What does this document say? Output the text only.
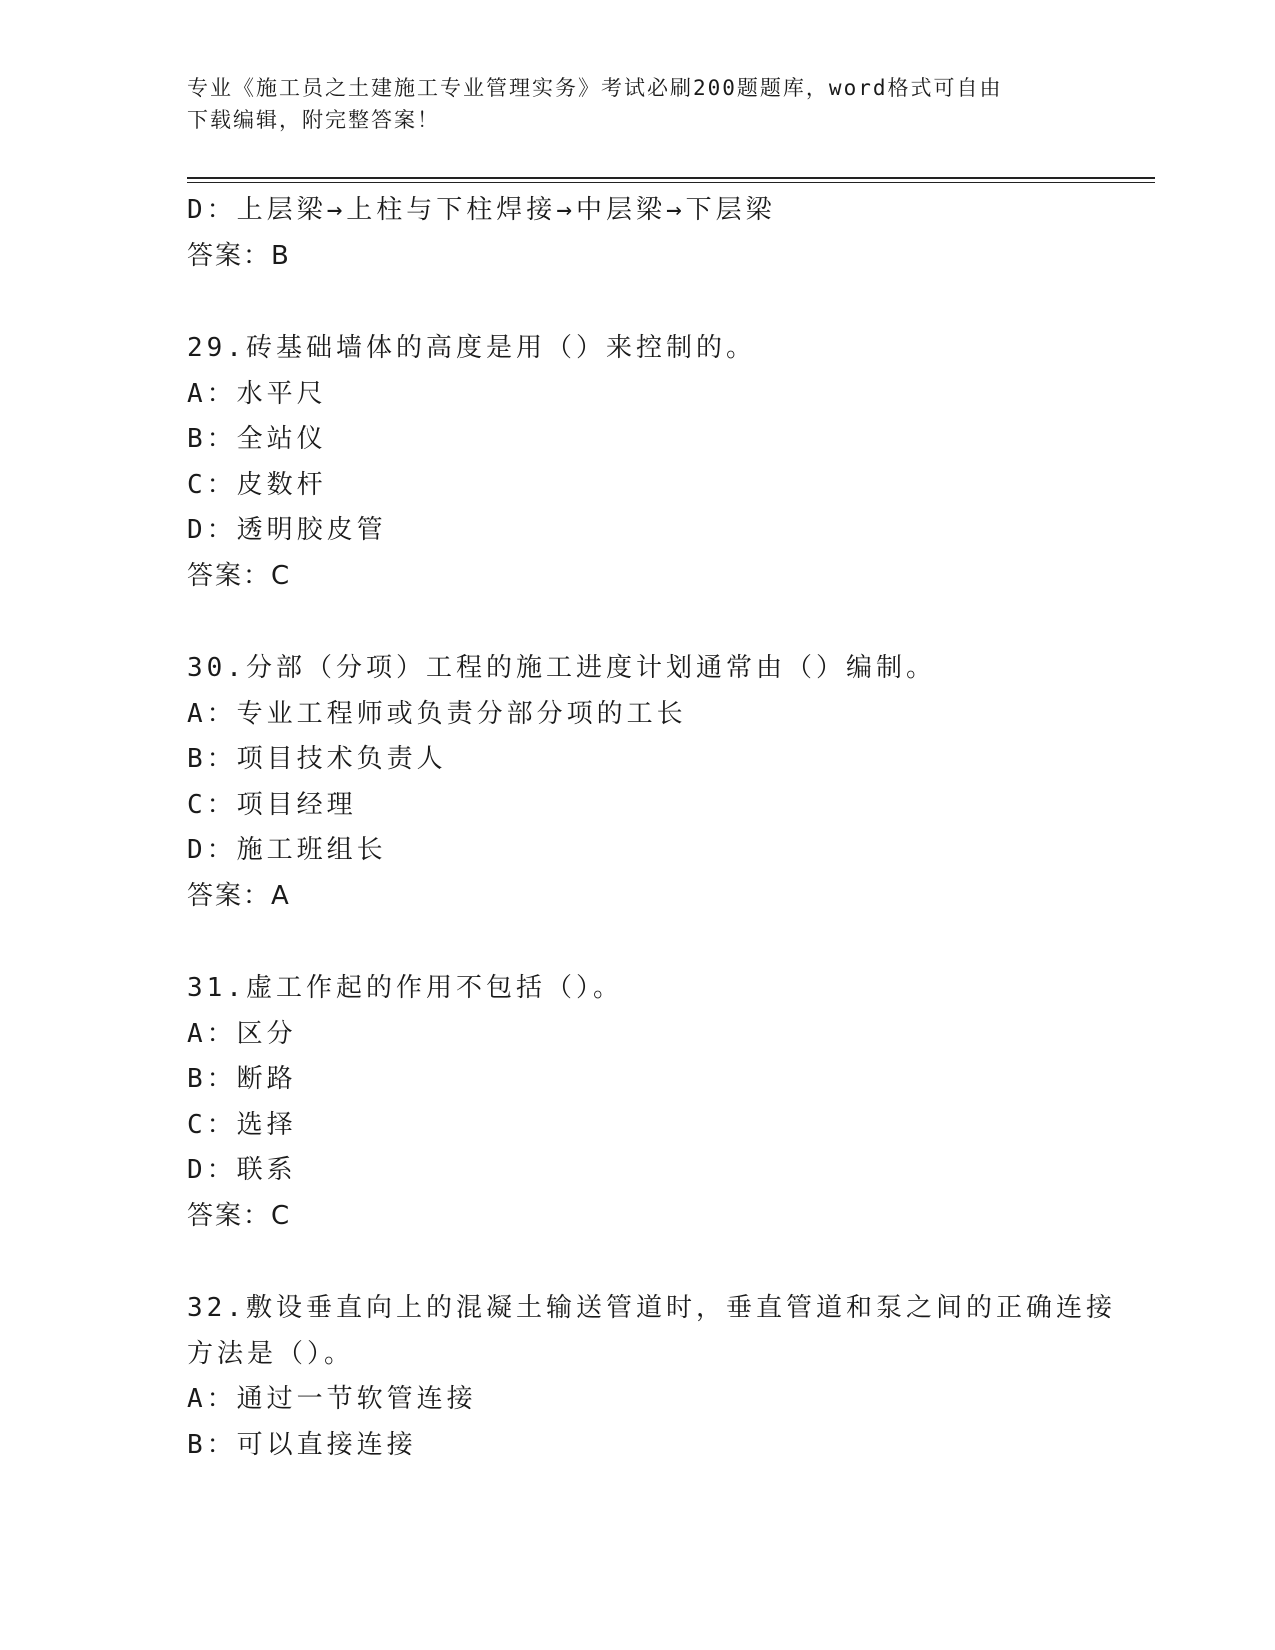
专业《施工员之土建施工专业管理实务》考试必刷200题题库，word格式可自由
下载编辑，附完整答案！
D：上层梁→上柱与下柱焊接→中层梁→下层梁
答案：B
29.砖基础墙体的高度是用（）来控制的。
A：水平尺
B：全站仪
C：皮数杆
D：透明胶皮管
答案：C
30.分部（分项）工程的施工进度计划通常由（）编制。
A：专业工程师或负责分部分项的工长
B：项目技术负责人
C：项目经理
D：施工班组长
答案：A
31.虚工作起的作用不包括（）。
A：区分
B：断路
C：选择
D：联系
答案：C
32.敷设垂直向上的混凝土输送管道时，垂直管道和泵之间的正确连接
方法是（）。
A：通过一节软管连接
B：可以直接连接
